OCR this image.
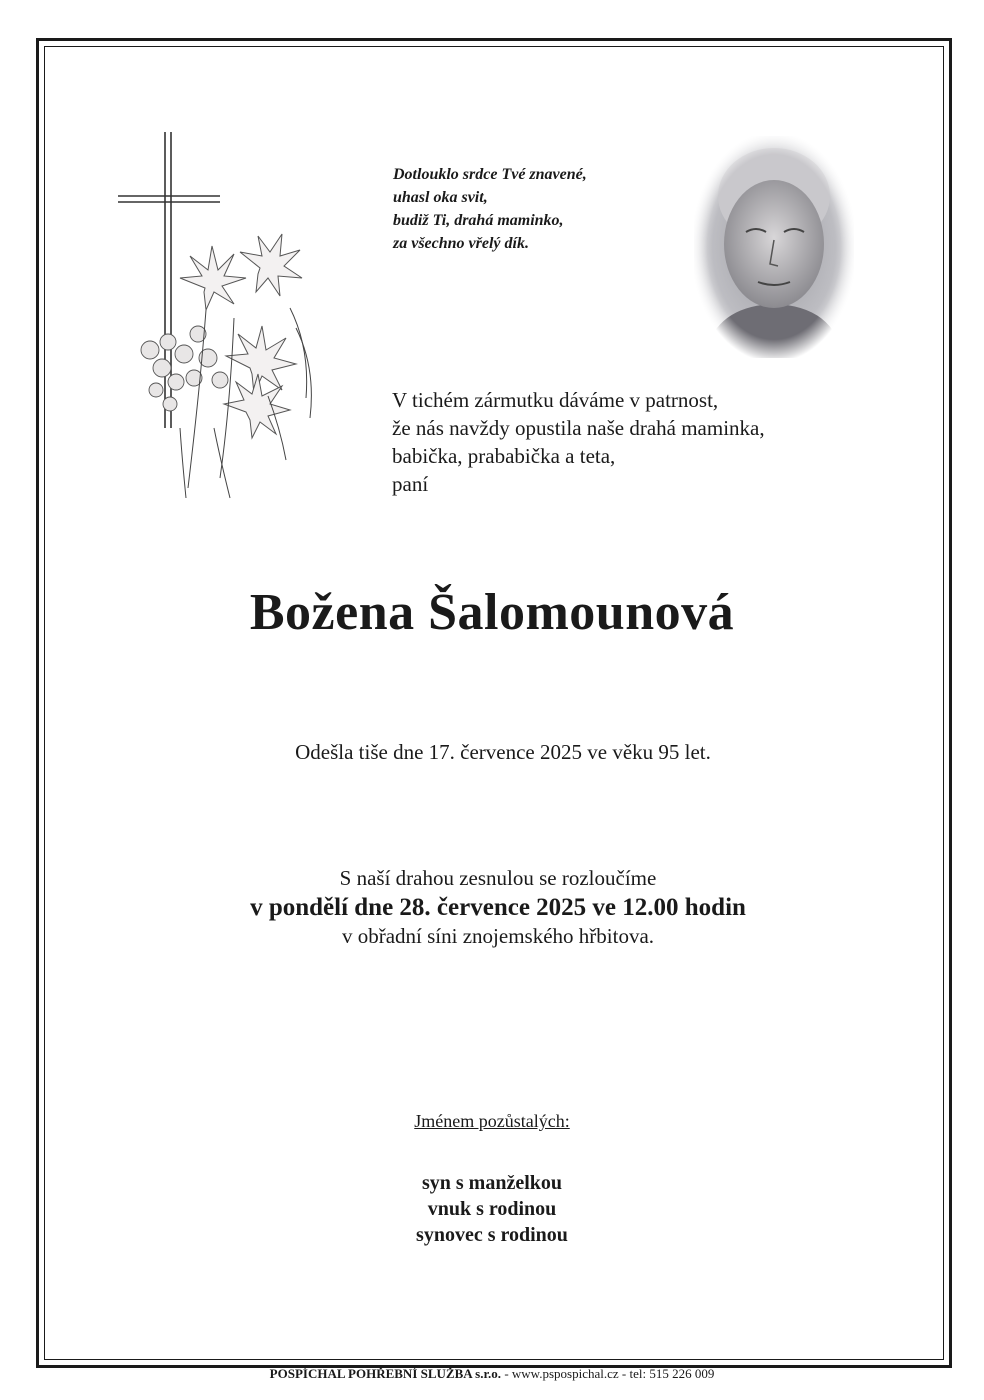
Dotlouklo srdce Tvé znavené,
uhasl oka svit,
budiž Ti, drahá maminko,
za všechno vřelý dík.
V tichém zármutku dáváme v patrnost,
že nás navždy opustila naše drahá maminka,
babička, prababička a teta,
paní
Božena Šalomounová
Odešla tiše dne 17. července 2025 ve věku 95 let.
S naší drahou zesnulou se rozloučíme
v pondělí dne 28. července 2025 ve 12.00 hodin
v obřadní síni znojemského hřbitova.
Jménem pozůstalých:
syn s manželkou
vnuk s rodinou
synovec s rodinou
POSPÍCHAL POHŘEBNÍ SLUŽBA s.r.o. - www.pspospichal.cz - tel: 515 226 009
